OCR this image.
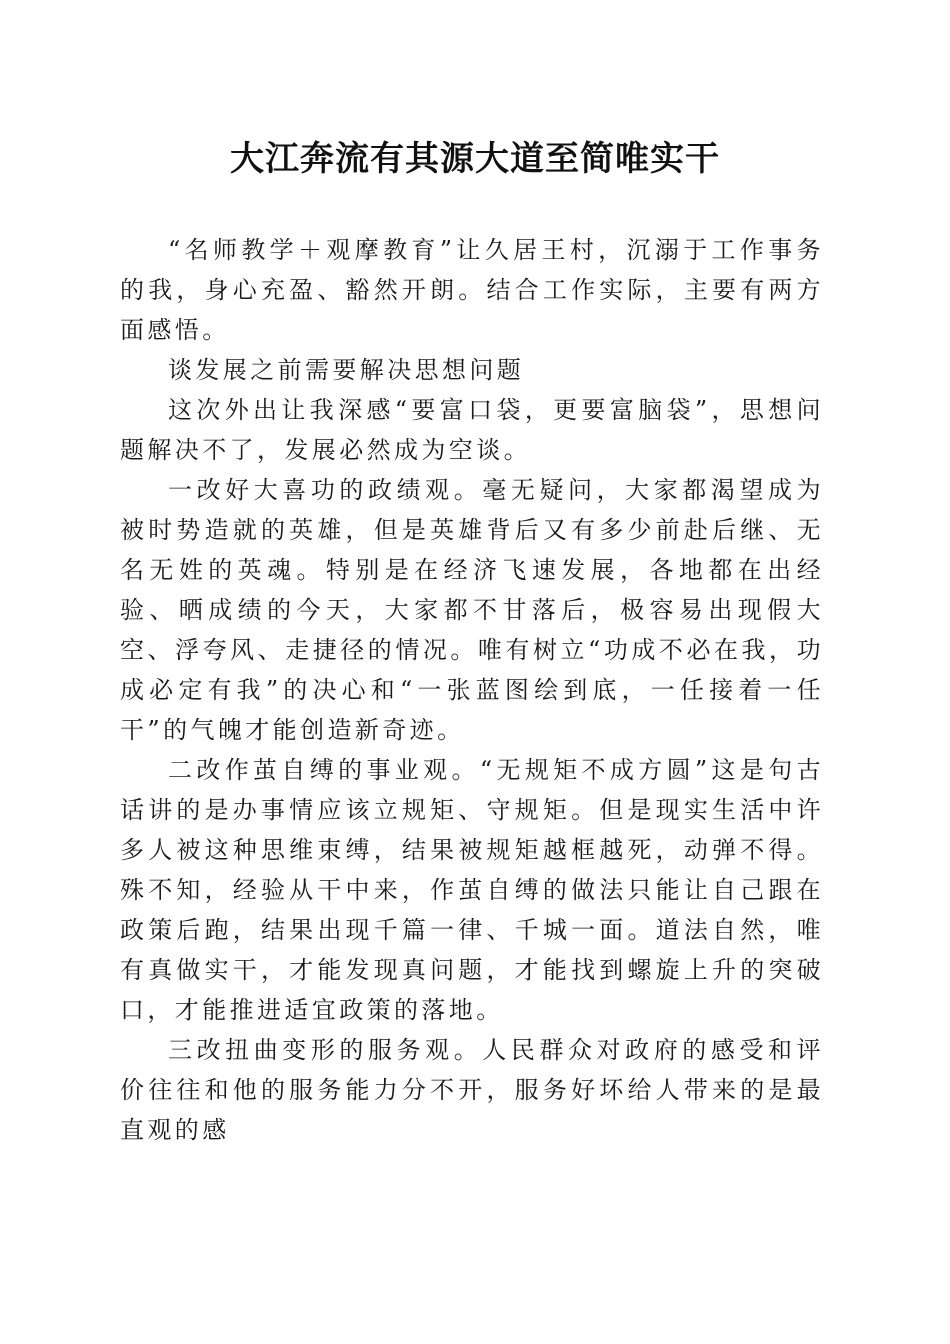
大江奔流有其源大道至简唯实干

“名师教学＋观摩教育”让久居王村，沉溺于工作事务的我，身心充盈、豁然开朗。结合工作实际，主要有两方面感悟。

谈发展之前需要解决思想问题

这次外出让我深感“要富口袋，更要富脑袋”，思想问题解决不了，发展必然成为空谈。

一改好大喜功的政绩观。毫无疑问，大家都渴望成为被时势造就的英雄，但是英雄背后又有多少前赴后继、无名无姓的英魂。特别是在经济飞速发展，各地都在出经验、晒成绩的今天，大家都不甘落后，极容易出现假大空、浮夸风、走捷径的情况。唯有树立“功成不必在我，功成必定有我”的决心和“一张蓝图绘到底，一任接着一任干”的气魄才能创造新奇迹。

二改作茧自缚的事业观。“无规矩不成方圆”这是句古话讲的是办事情应该立规矩、守规矩。但是现实生活中许多人被这种思维束缚，结果被规矩越框越死，动弹不得。殊不知，经验从干中来，作茧自缚的做法只能让自己跟在政策后跑，结果出现千篇一律、千城一面。道法自然，唯有真做实干，才能发现真问题，才能找到螺旋上升的突破口，才能推进适宜政策的落地。

三改扭曲变形的服务观。人民群众对政府的感受和评价往往和他的服务能力分不开，服务好坏给人带来的是最直观的感
